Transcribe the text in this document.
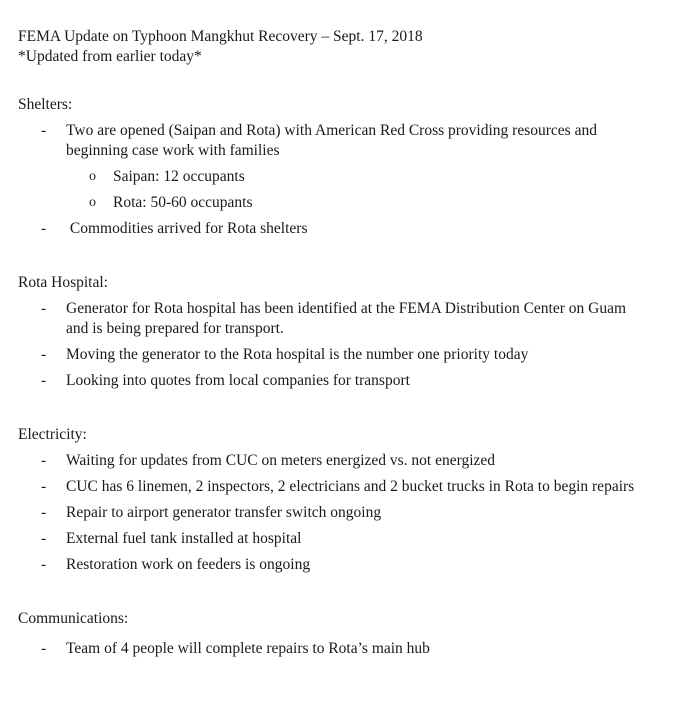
FEMA Update on Typhoon Mangkhut Recovery – Sept. 17, 2018
*Updated from earlier today*
Shelters:
- Two are opened (Saipan and Rota) with American Red Cross providing resources and beginning case work with families
o Saipan: 12 occupants
o Rota: 50-60 occupants
- Commodities arrived for Rota shelters
Rota Hospital:
- Generator for Rota hospital has been identified at the FEMA Distribution Center on Guam and is being prepared for transport.
- Moving the generator to the Rota hospital is the number one priority today
- Looking into quotes from local companies for transport
Electricity:
- Waiting for updates from CUC on meters energized vs. not energized
- CUC has 6 linemen, 2 inspectors, 2 electricians and 2 bucket trucks in Rota to begin repairs
- Repair to airport generator transfer switch ongoing
- External fuel tank installed at hospital
- Restoration work on feeders is ongoing
Communications:
- Team of 4 people will complete repairs to Rota’s main hub
